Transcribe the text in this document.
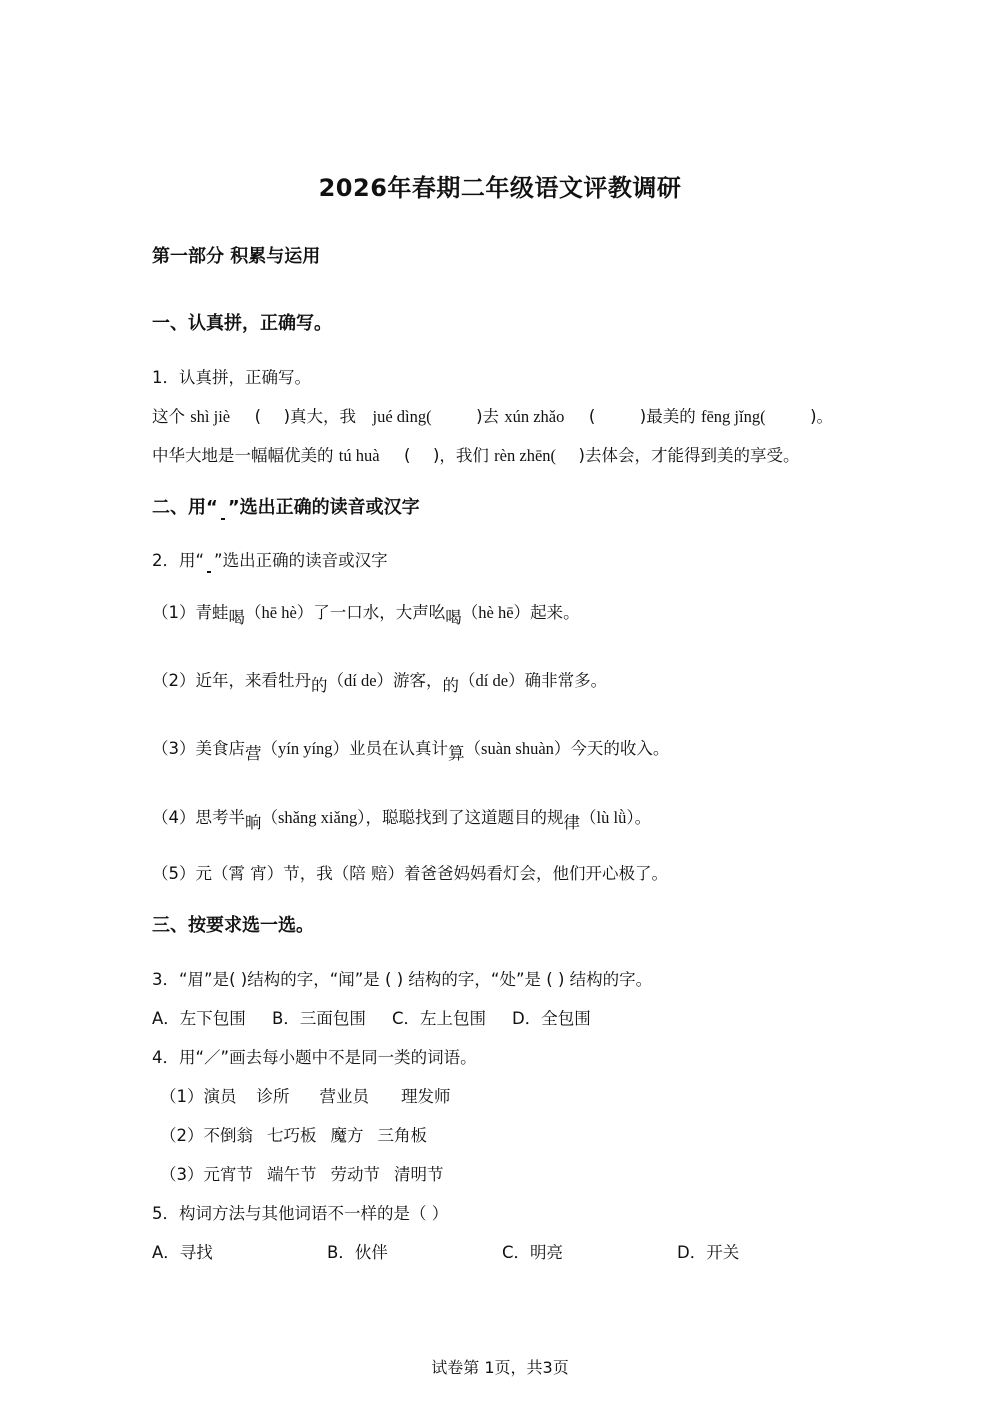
2026年春期二年级语文评教调研
第一部分 积累与运用
一、认真拼，正确写。
1．认真拼，正确写。
这个 shì jiè ( )真大，我 jué dìng(	)去 xún zhǎo (	)最美的 fēng jǐng(	)。
中华大地是一幅幅优美的 tú huà ( )，我们 rèn zhēn( )去体会，才能得到美的享受。
二、用“ ”选出正确的读音或汉字
2．用“ ”选出正确的读音或汉字
（1）青蛙喝（hē hè）了一口水，大声吆喝（hè hē）起来。
（2）近年，来看牡丹的（dí de）游客，的（dí de）确非常多。
（3）美食店营（yín yíng）业员在认真计算（suàn shuàn）今天的收入。
（4）思考半晌（shǎng xiǎng），聪聪找到了这道题目的规律（lù lǜ）。
（5）元（霄 宵）节，我（陪 赔）着爸爸妈妈看灯会，他们开心极了。
三、按要求选一选。
3．“眉”是( )结构的字，“闻”是 ( ) 结构的字，“处”是 ( ) 结构的字。
A．左下包围 B．三面包围 C．左上包围 D．全包围
4．用“／”画去每小题中不是同一类的词语。
（1）演员 诊所 营业员 理发师
（2）不倒翁 七巧板 魔方 三角板
（3）元宵节 端午节 劳动节 清明节
5．构词方法与其他词语不一样的是（ ）
A．寻找	B．伙伴	C．明亮	D．开关
试卷第 1页，共3页
